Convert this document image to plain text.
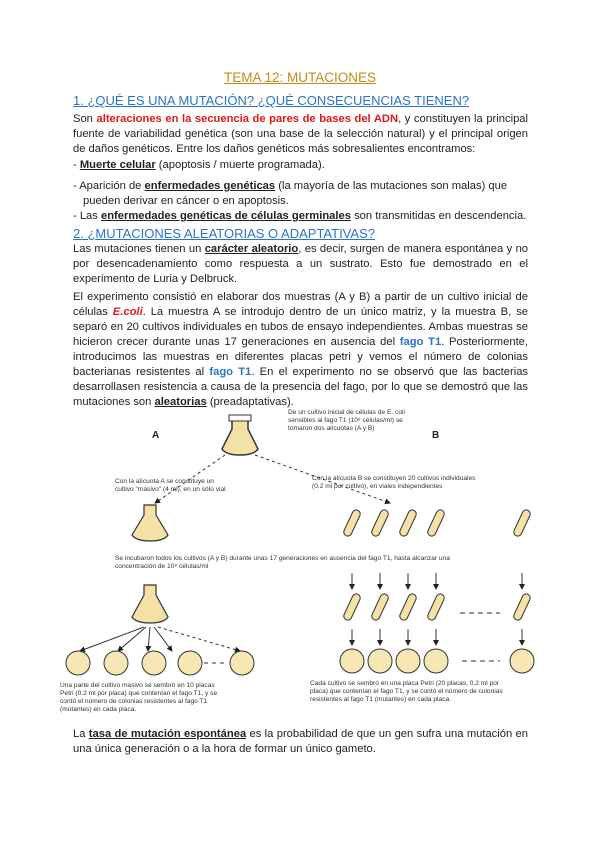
TEMA 12: MUTACIONES
1. ¿QUÉ ES UNA MUTACIÓN? ¿QUÉ CONSECUENCIAS TIENEN?

Son alteraciones en la secuencia de pares de bases del ADN, y constituyen la principal fuente de variabilidad genética (son una base de la selección natural) y el principal origen de daños genéticos. Entre los daños genéticos más sobresalientes encontramos:

- Muerte celular (apoptosis / muerte programada).
- Aparición de enfermedades genéticas (la mayoría de las mutaciones son malas) que
pueden derivar en cáncer o en apoptosis.
- Las enfermedades genéticas de células germinales son transmitidas en descendencia.
2. ¿MUTACIONES ALEATORIAS O ADAPTATIVAS?

Las mutaciones tienen un carácter aleatorio, es decir, surgen de manera espontánea y no por desencadenamiento como respuesta a un sustrato. Esto fue demostrado en el experimento de Luria y Delbruck.

El experimento consistió en elaborar dos muestras (A y B) a partir de un cultivo inicial de células E.coli. La muestra A se introdujo dentro de un único matriz, y la muestra B, se separó en 20 cultivos individuales en tubos de ensayo independientes. Ambas muestras se hicieron crecer durante unas 17 generaciones en ausencia del fago T1. Posteriormente, introducimos las muestras en diferentes placas petri y vemos el número de colonias bacterianas resistentes al fago T1. En el experimento no se observó que las bacterias desarrollasen resistencia a causa de la presencia del fago, por lo que se demostró que las mutaciones son aleatorias (preadaptativas).

A	B
De un cultivo inicial de células de E. coli
sensibles al fago T1 (10⁸ células/ml) se
tomaron dos alícuotas (A y B)
Con la alícuota A se constituye un
cultivo "masivo" (4 ml), en un sólo vial
Con la alícuota B se constituyen 20 cultivos individuales
(0.2 ml por cultivo), en viales independientes
Se incubaron todos los cultivos (A y B) durante unas 17 generaciones en ausencia del fago T1, hasta alcanzar una
concentración de 10⁸ células/ml
Una parte del cultivo masivo se sembró en 10 placas
Petri (0.2 ml por placa) que contenían el fago T1, y se
contó el número de colonias resistentes al fago T1
(mutantes) en cada placa.
Cada cultivo se sembró en una placa Petri (20 placas, 0.2 ml por
placa) que contenían el fago T1, y se contó el número de colonias
resistentes al fago T1 (mutantes) en cada placa.

La tasa de mutación espontánea es la probabilidad de que un gen sufra una mutación en una única generación o a la hora de formar un único gameto.
